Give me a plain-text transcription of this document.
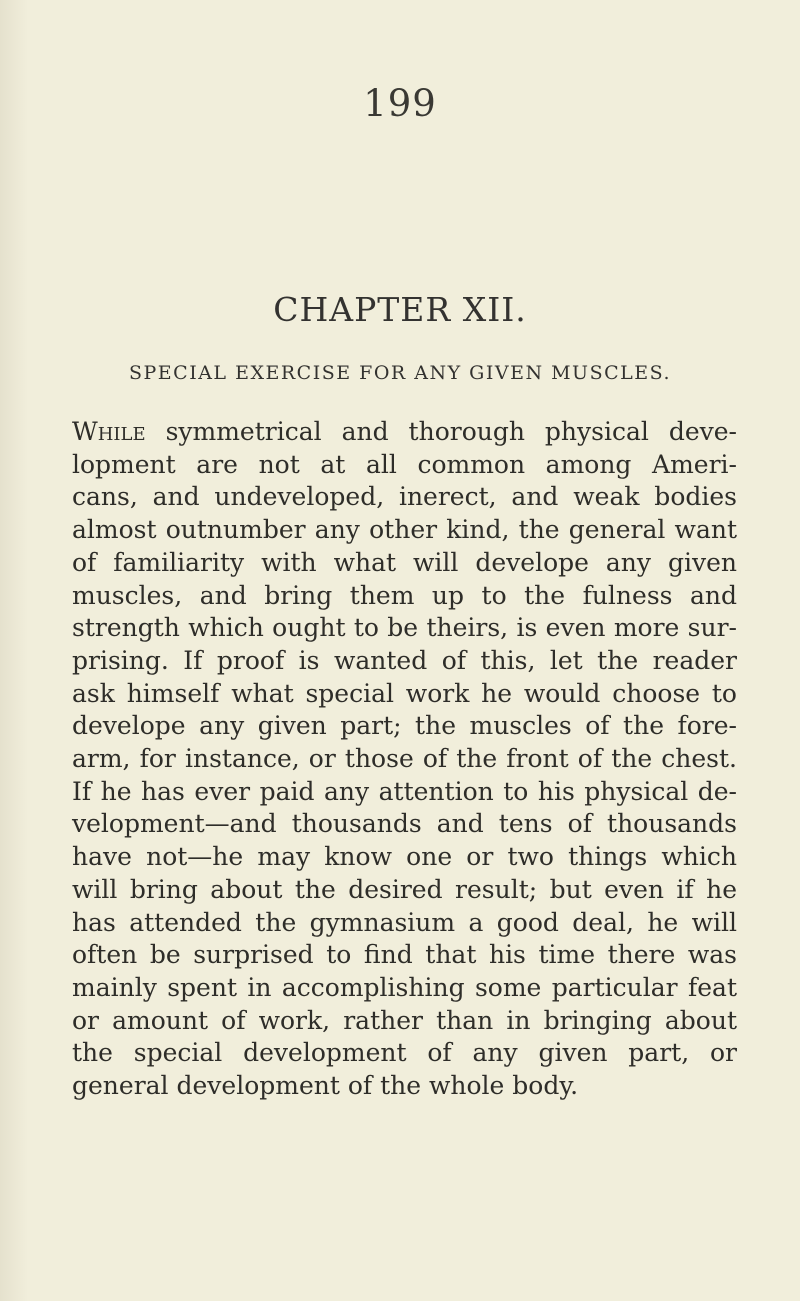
199
CHAPTER XII.
SPECIAL EXERCISE FOR ANY GIVEN MUSCLES.
While symmetrical and thorough physical deve-
lopment are not at all common among Ameri-
cans, and undeveloped, inerect, and weak bodies
almost outnumber any other kind, the general want
of familiarity with what will develope any given
muscles, and bring them up to the fulness and
strength which ought to be theirs, is even more sur-
prising. If proof is wanted of this, let the reader
ask himself what special work he would choose to
develope any given part; the muscles of the fore-
arm, for instance, or those of the front of the chest.
If he has ever paid any attention to his physical de-
velopment—and thousands and tens of thousands
have not—he may know one or two things which
will bring about the desired result; but even if he
has attended the gymnasium a good deal, he will
often be surprised to find that his time there was
mainly spent in accomplishing some particular feat
or amount of work, rather than in bringing about
the special development of any given part, or
general development of the whole body.
